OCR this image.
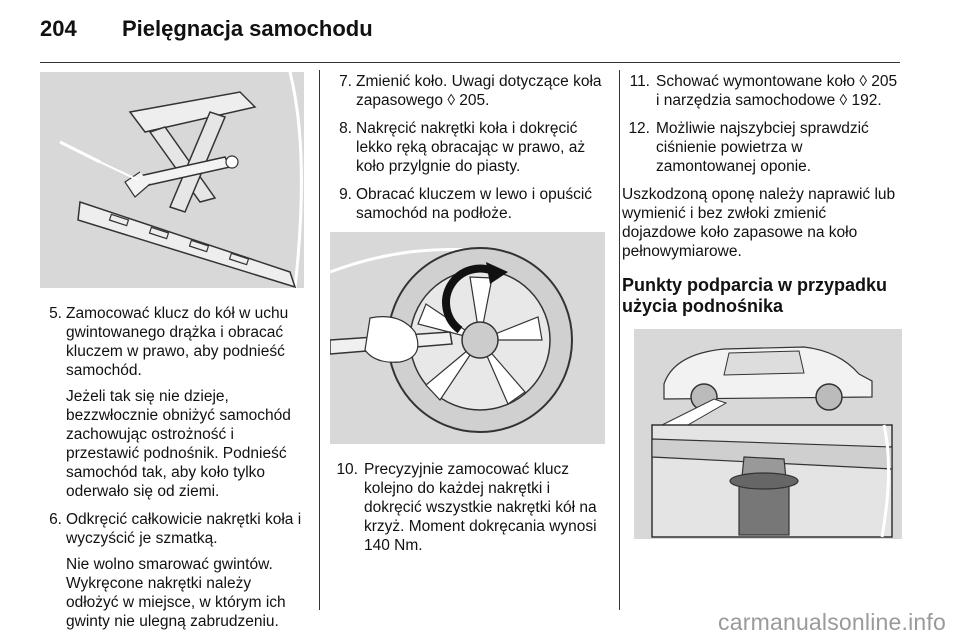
204 Pielęgnacja samochodu
5. Zamocować klucz do kół w uchu gwintowanego drążka i obracać kluczem w prawo, aby podnieść samochód.
Jeżeli tak się nie dzieje, bezzwłocznie obniżyć samochód zachowując ostrożność i przestawić podnośnik. Podnieść samochód tak, aby koło tylko oderwało się od ziemi.
6. Odkręcić całkowicie nakrętki koła i wyczyścić je szmatką.
Nie wolno smarować gwintów. Wykręcone nakrętki należy odłożyć w miejsce, w którym ich gwinty nie ulegną zabrudzeniu.
7. Zmienić koło. Uwagi dotyczące koła zapasowego ◊ 205.
8. Nakręcić nakrętki koła i dokręcić lekko ręką obracając w prawo, aż koło przylgnie do piasty.
9. Obracać kluczem w lewo i opuścić samochód na podłoże.
10. Precyzyjnie zamocować klucz kolejno do każdej nakrętki i dokręcić wszystkie nakrętki kół na krzyż. Moment dokręcania wynosi 140 Nm.
11. Schować wymontowane koło ◊ 205 i narzędzia samochodowe ◊ 192.
12. Możliwie najszybciej sprawdzić ciśnienie powietrza w zamontowanej oponie.

Uszkodzoną oponę należy naprawić lub wymienić i bez zwłoki zmienić dojazdowe koło zapasowe na koło pełnowymiarowe.

Punkty podparcia w przypadku użycia podnośnika
carmanualsonline.info
